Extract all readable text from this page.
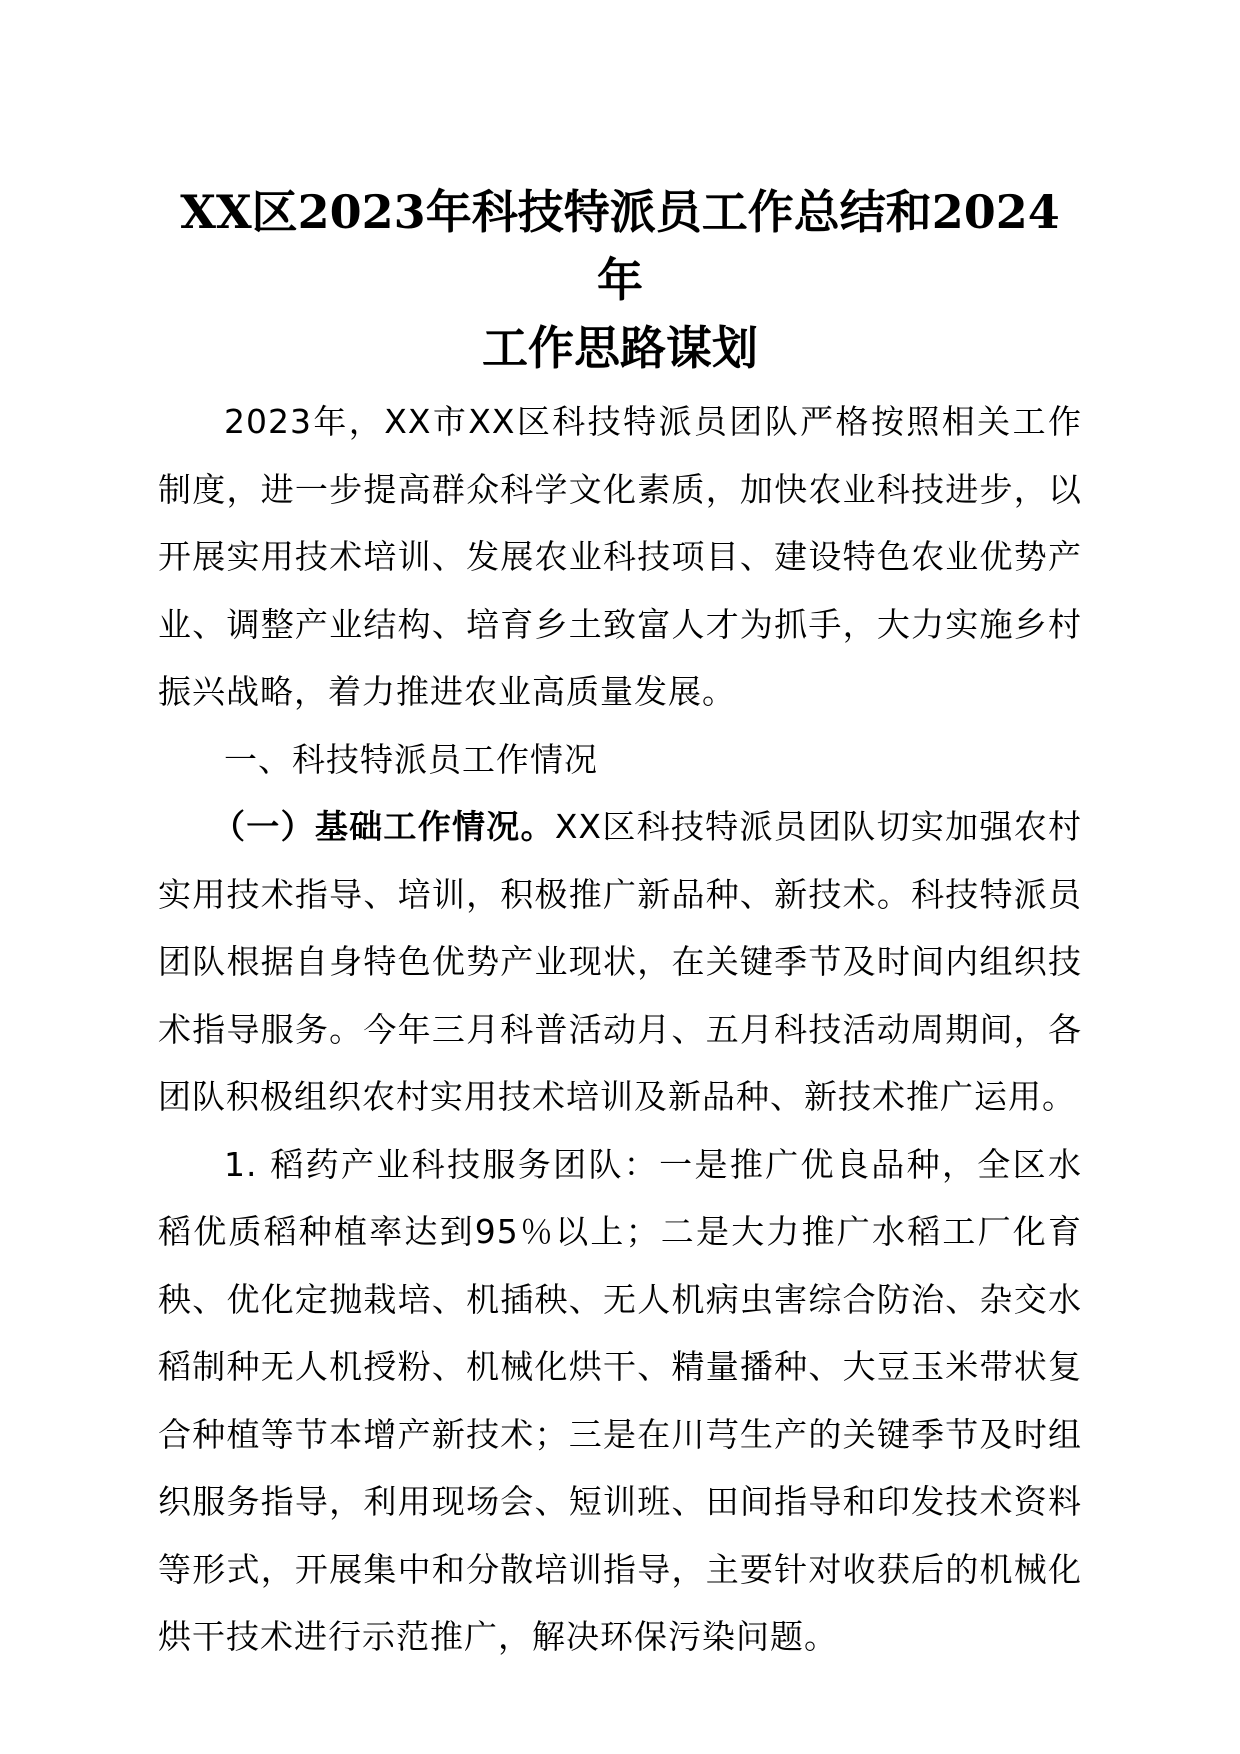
XX区2023年科技特派员工作总结和2024年
工作思路谋划

2023年，XX市XX区科技特派员团队严格按照相关工作制度，进一步提高群众科学文化素质，加快农业科技进步，以开展实用技术培训、发展农业科技项目、建设特色农业优势产业、调整产业结构、培育乡土致富人才为抓手，大力实施乡村振兴战略，着力推进农业高质量发展。

一、科技特派员工作情况

（一）基础工作情况。XX区科技特派员团队切实加强农村实用技术指导、培训，积极推广新品种、新技术。科技特派员团队根据自身特色优势产业现状，在关键季节及时间内组织技术指导服务。今年三月科普活动月、五月科技活动周期间，各团队积极组织农村实用技术培训及新品种、新技术推广运用。

1. 稻药产业科技服务团队：一是推广优良品种，全区水稻优质稻种植率达到95％以上；二是大力推广水稻工厂化育秧、优化定抛栽培、机插秧、无人机病虫害综合防治、杂交水稻制种无人机授粉、机械化烘干、精量播种、大豆玉米带状复合种植等节本增产新技术；三是在川芎生产的关键季节及时组织服务指导，利用现场会、短训班、田间指导和印发技术资料等形式，开展集中和分散培训指导，主要针对收获后的机械化烘干技术进行示范推广，解决环保污染问题。
